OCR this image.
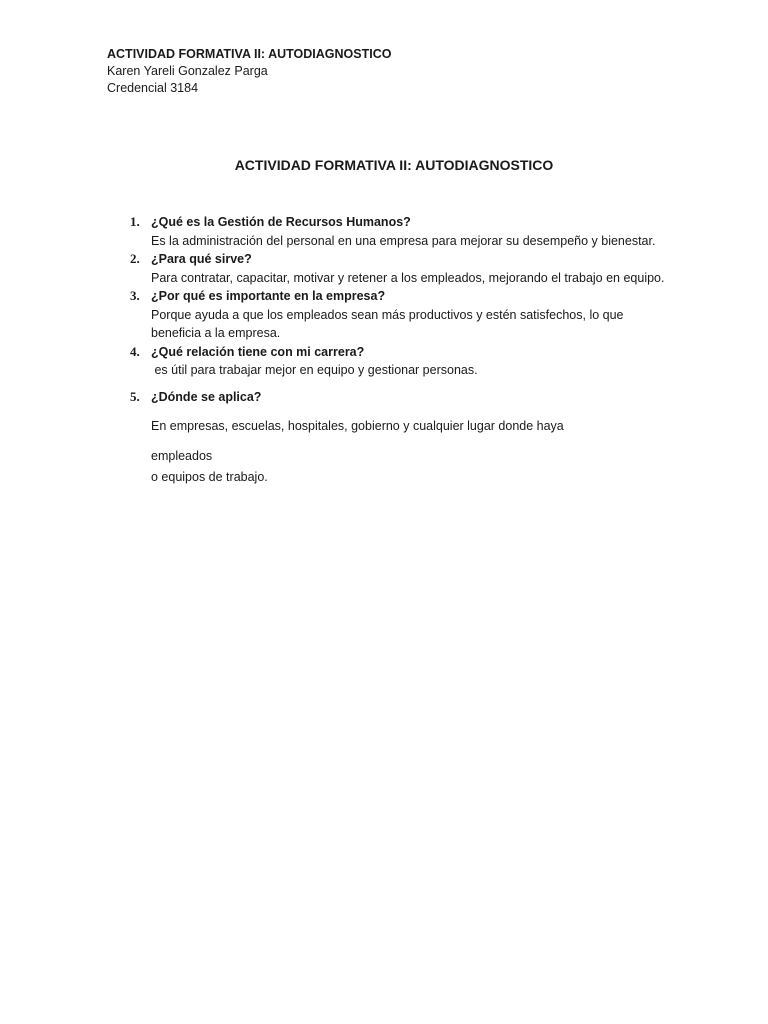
ACTIVIDAD FORMATIVA II: AUTODIAGNOSTICO
Karen Yareli Gonzalez Parga
Credencial 3184
ACTIVIDAD FORMATIVA II: AUTODIAGNOSTICO
1. ¿Qué es la Gestión de Recursos Humanos?
Es la administración del personal en una empresa para mejorar su desempeño y bienestar.
2. ¿Para qué sirve?
Para contratar, capacitar, motivar y retener a los empleados, mejorando el trabajo en equipo.
3. ¿Por qué es importante en la empresa?
Porque ayuda a que los empleados sean más productivos y estén satisfechos, lo que beneficia a la empresa.
4. ¿Qué relación tiene con mi carrera?
es útil para trabajar mejor en equipo y gestionar personas.
5. ¿Dónde se aplica?
En empresas, escuelas, hospitales, gobierno y cualquier lugar donde haya
empleados
o equipos de trabajo.
